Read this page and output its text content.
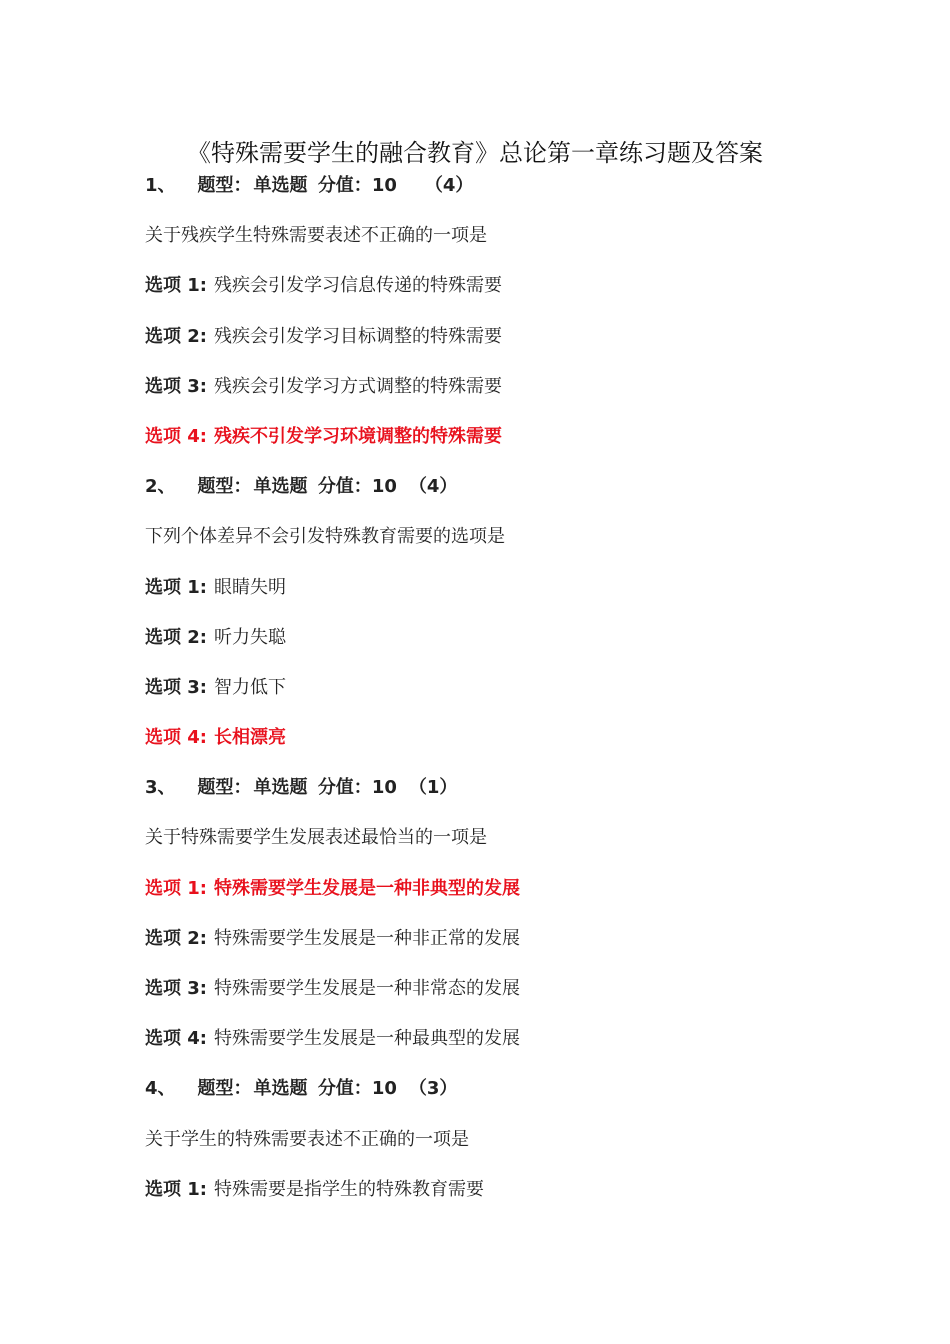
《特殊需要学生的融合教育》总论第一章练习题及答案
1、 题型： 单选题 分值：10 （4）
关于残疾学生特殊需要表述不正确的一项是
选项 1: 残疾会引发学习信息传递的特殊需要
选项 2: 残疾会引发学习目标调整的特殊需要
选项 3: 残疾会引发学习方式调整的特殊需要
选项 4: 残疾不引发学习环境调整的特殊需要
2、 题型： 单选题 分值：10 （4）
下列个体差异不会引发特殊教育需要的选项是
选项 1: 眼睛失明
选项 2: 听力失聪
选项 3: 智力低下
选项 4: 长相漂亮
3、 题型： 单选题 分值：10 （1）
关于特殊需要学生发展表述最恰当的一项是
选项 1: 特殊需要学生发展是一种非典型的发展
选项 2: 特殊需要学生发展是一种非正常的发展
选项 3: 特殊需要学生发展是一种非常态的发展
选项 4: 特殊需要学生发展是一种最典型的发展
4、 题型： 单选题 分值：10 （3）
关于学生的特殊需要表述不正确的一项是
选项 1: 特殊需要是指学生的特殊教育需要
